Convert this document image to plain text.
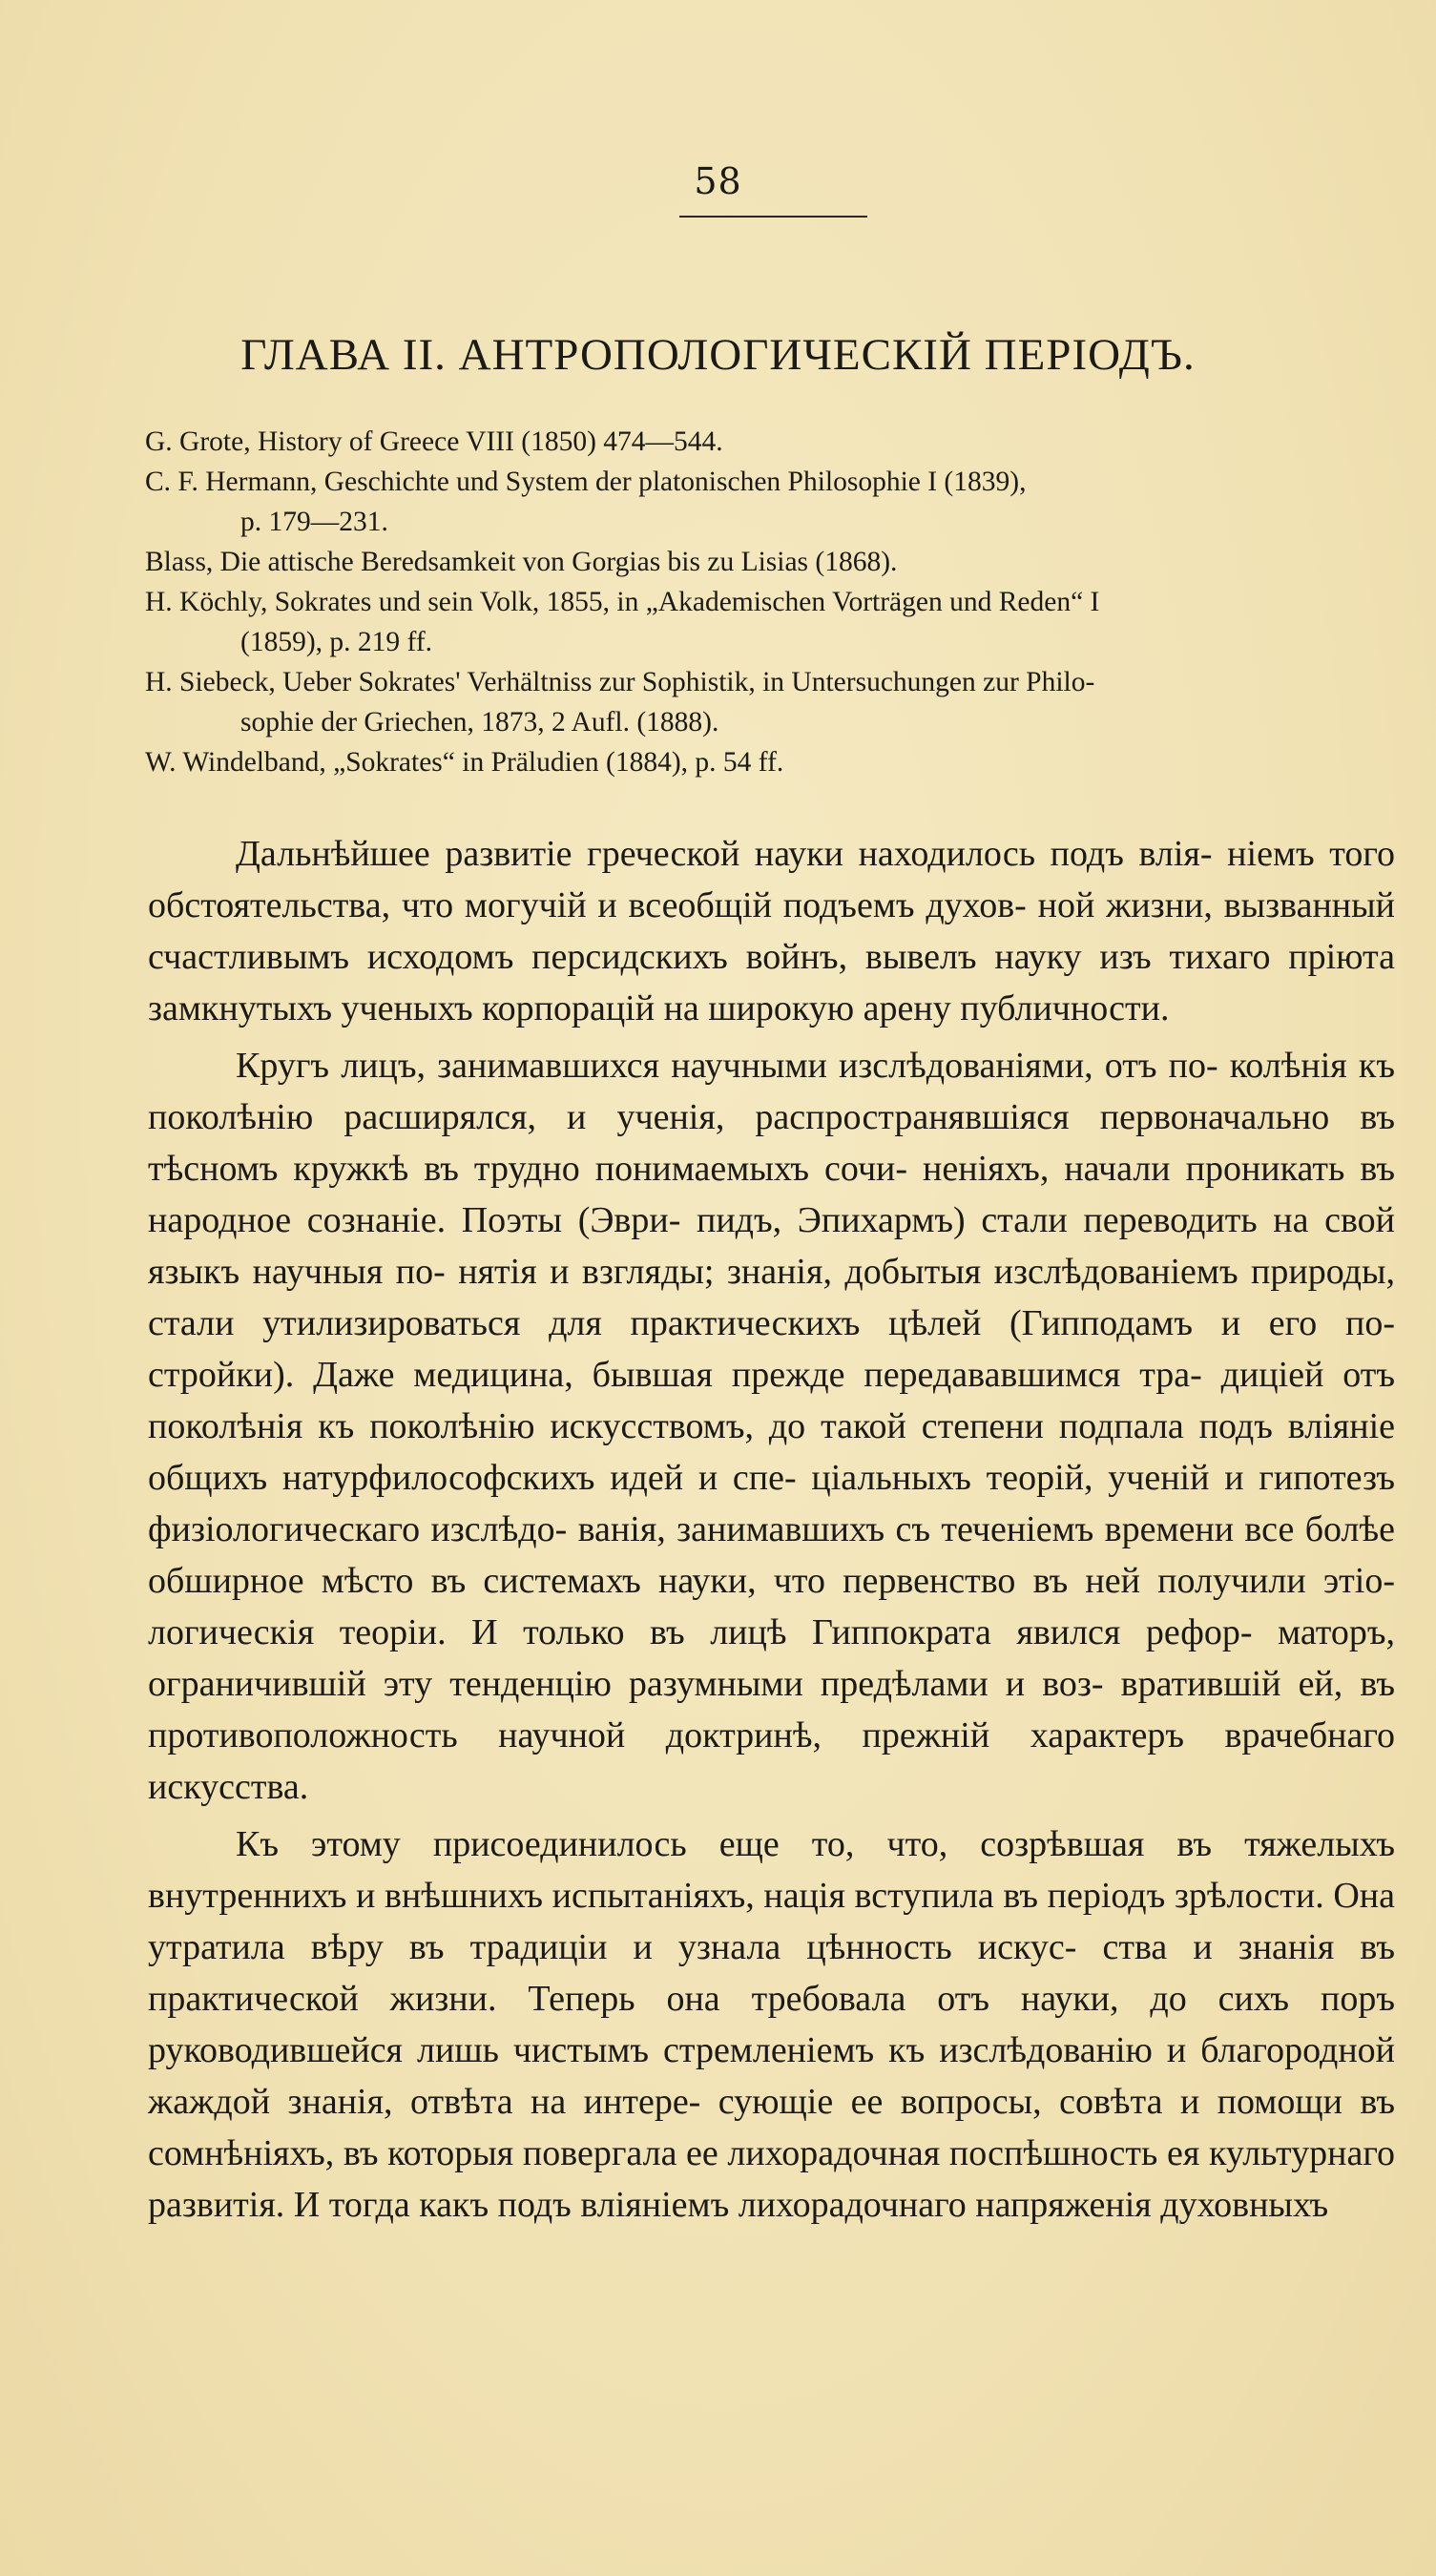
58
ГЛАВА II. АНТРОПОЛОГИЧЕСКІЙ ПЕРІОДЪ.

G. Grote, History of Greece VIII (1850) 474—544.

C. F. Hermann, Geschichte und System der platonischen Philosophie I (1839),
p. 179—231.

Blass, Die attische Beredsamkeit von Gorgias bis zu Lisias (1868).

H. Köchly, Sokrates und sein Volk, 1855, in „Akademischen Vorträgen und Reden“ I
(1859), p. 219 ff.

H. Siebeck, Ueber Sokrates' Verhältniss zur Sophistik, in Untersuchungen zur Philo-
sophie der Griechen, 1873, 2 Aufl. (1888).

W. Windelband, „Sokrates“ in Präludien (1884), p. 54 ff.

Дальнѣйшее развитіе греческой науки находилось подъ влія- ніемъ того обстоятельства, что могучій и всеобщій подъемъ духов- ной жизни, вызванный счастливымъ исходомъ персидскихъ войнъ, вывелъ науку изъ тихаго пріюта замкнутыхъ ученыхъ корпорацій на широкую арену публичности.

Кругъ лицъ, занимавшихся научными изслѣдованіями, отъ по- колѣнія къ поколѣнію расширялся, и ученія, распространявшіяся первоначально въ тѣсномъ кружкѣ въ трудно понимаемыхъ сочи- неніяхъ, начали проникать въ народное сознаніе. Поэты (Эври- пидъ, Эпихармъ) стали переводить на свой языкъ научныя по- нятія и взгляды; знанія, добытыя изслѣдованіемъ природы, стали утилизироваться для практическихъ цѣлей (Гипподамъ и его по- стройки). Даже медицина, бывшая прежде передававшимся тра- диціей отъ поколѣнія къ поколѣнію искусствомъ, до такой степени подпала подъ вліяніе общихъ натурфилософскихъ идей и спе- ціальныхъ теорій, ученій и гипотезъ физіологическаго изслѣдо- ванія, занимавшихъ съ теченіемъ времени все болѣе обширное мѣсто въ системахъ науки, что первенство въ ней получили этіо- логическія теоріи. И только въ лицѣ Гиппократа явился рефор- маторъ, ограничившій эту тенденцію разумными предѣлами и воз- вратившій ей, въ противоположность научной доктринѣ, прежній характеръ врачебнаго искусства.

Къ этому присоединилось еще то, что, созрѣвшая въ тяжелыхъ внутреннихъ и внѣшнихъ испытаніяхъ, нація вступила въ періодъ зрѣлости. Она утратила вѣру въ традиціи и узнала цѣнность искус- ства и знанія въ практической жизни. Теперь она требовала отъ науки, до сихъ поръ руководившейся лишь чистымъ стремленіемъ къ изслѣдованію и благородной жаждой знанія, отвѣта на интере- сующіе ее вопросы, совѣта и помощи въ сомнѣніяхъ, въ которыя повергала ее лихорадочная поспѣшность ея культурнаго развитія. И тогда какъ подъ вліяніемъ лихорадочнаго напряженія духовныхъ
